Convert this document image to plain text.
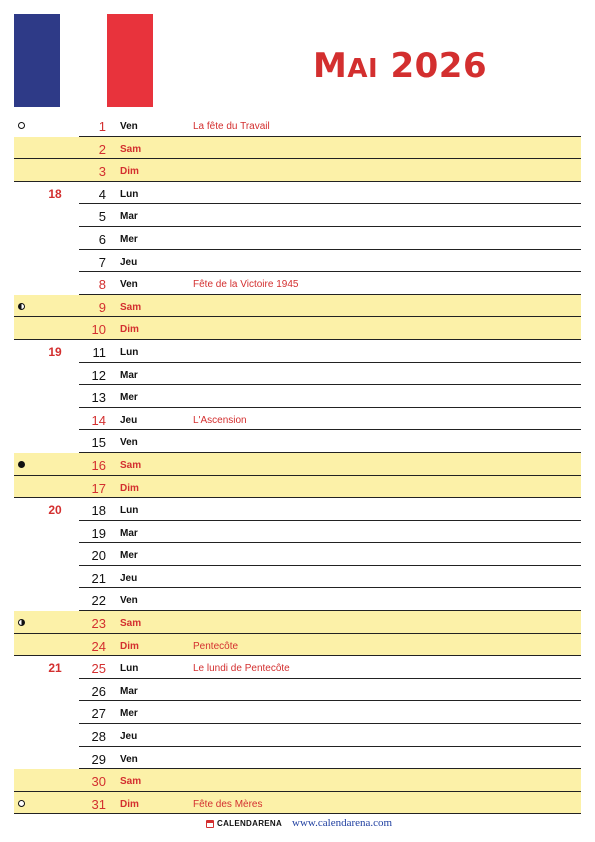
MAI 2026
1 Ven	La fête du Travail
2 Sam
3 Dim
18	4 Lun
5 Mar
6 Mer
7 Jeu
8 Ven	Fête de la Victoire 1945
9 Sam
10 Dim
19	11 Lun
12 Mar
13 Mer
14 Jeu	L'Ascension
15 Ven
16 Sam
17 Dim
20	18 Lun
19 Mar
20 Mer
21 Jeu
22 Ven
23 Sam
24 Dim	Pentecôte
21	25 Lun	Le lundi de Pentecôte
26 Mar
27 Mer
28 Jeu
29 Ven
30 Sam
31 Dim	Fête des Mères
CALENDARENA www.calendarena.com
